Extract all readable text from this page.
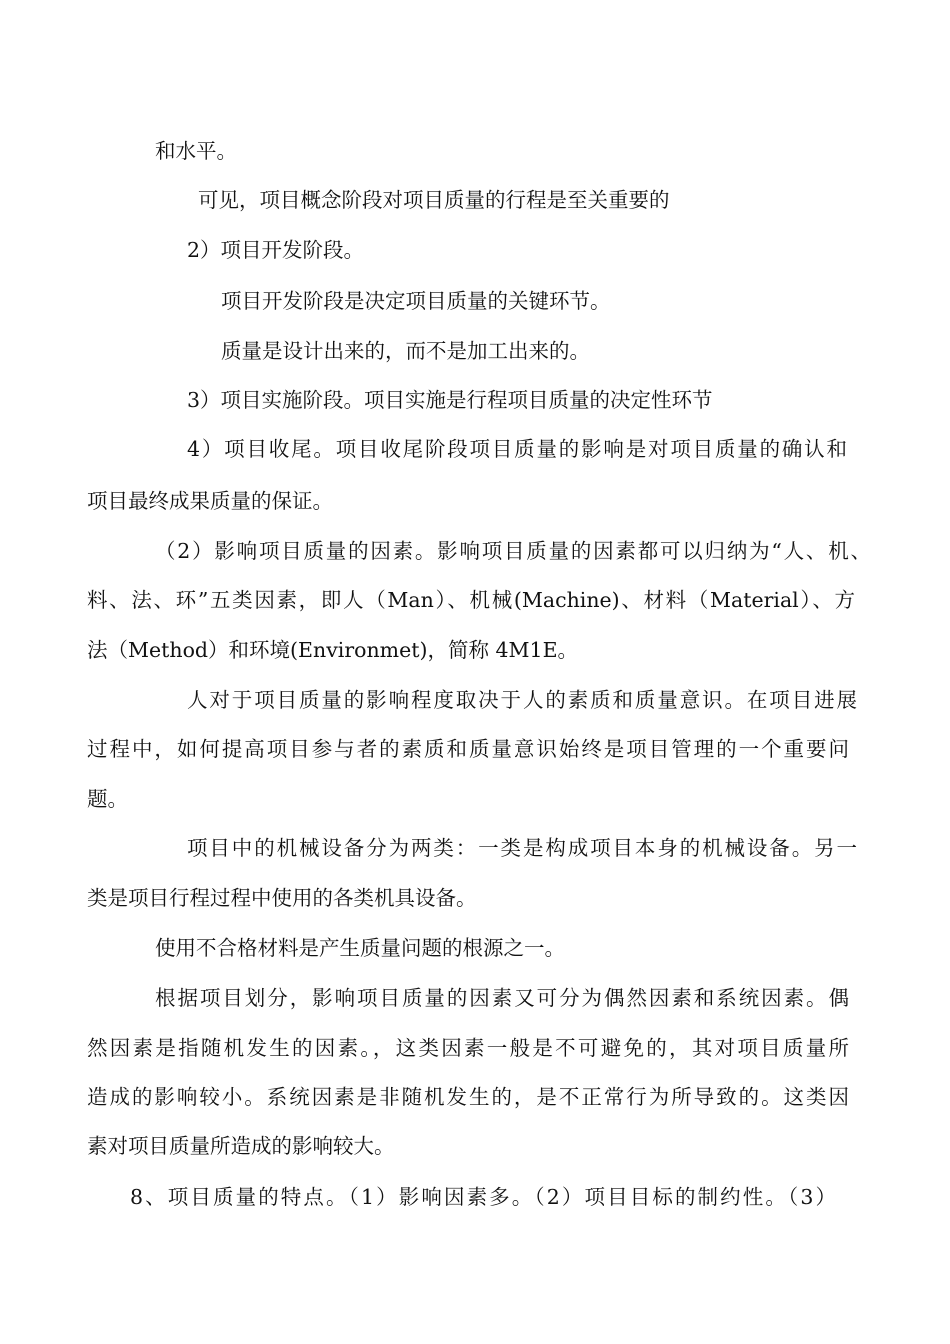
和水平。
可见，项目概念阶段对项目质量的行程是至关重要的
2）项目开发阶段。
项目开发阶段是决定项目质量的关键环节。
质量是设计出来的，而不是加工出来的。
3）项目实施阶段。项目实施是行程项目质量的决定性环节
4）项目收尾。项目收尾阶段项目质量的影响是对项目质量的确认和
项目最终成果质量的保证。
（2）影响项目质量的因素。影响项目质量的因素都可以归纳为“人、机、
料、法、环”五类因素，即人（Man）、机械(Machine)、材料（Material）、方
法（Method）和环境(Environmet)，简称 4M1E。
人对于项目质量的影响程度取决于人的素质和质量意识。在项目进展
过程中，如何提高项目参与者的素质和质量意识始终是项目管理的一个重要问
题。
项目中的机械设备分为两类：一类是构成项目本身的机械设备。另一
类是项目行程过程中使用的各类机具设备。
使用不合格材料是产生质量问题的根源之一。
根据项目划分，影响项目质量的因素又可分为偶然因素和系统因素。偶
然因素是指随机发生的因素。，这类因素一般是不可避免的，其对项目质量所
造成的影响较小。系统因素是非随机发生的，是不正常行为所导致的。这类因
素对项目质量所造成的影响较大。
8、项目质量的特点。（1）影响因素多。（2）项目目标的制约性。（3）
